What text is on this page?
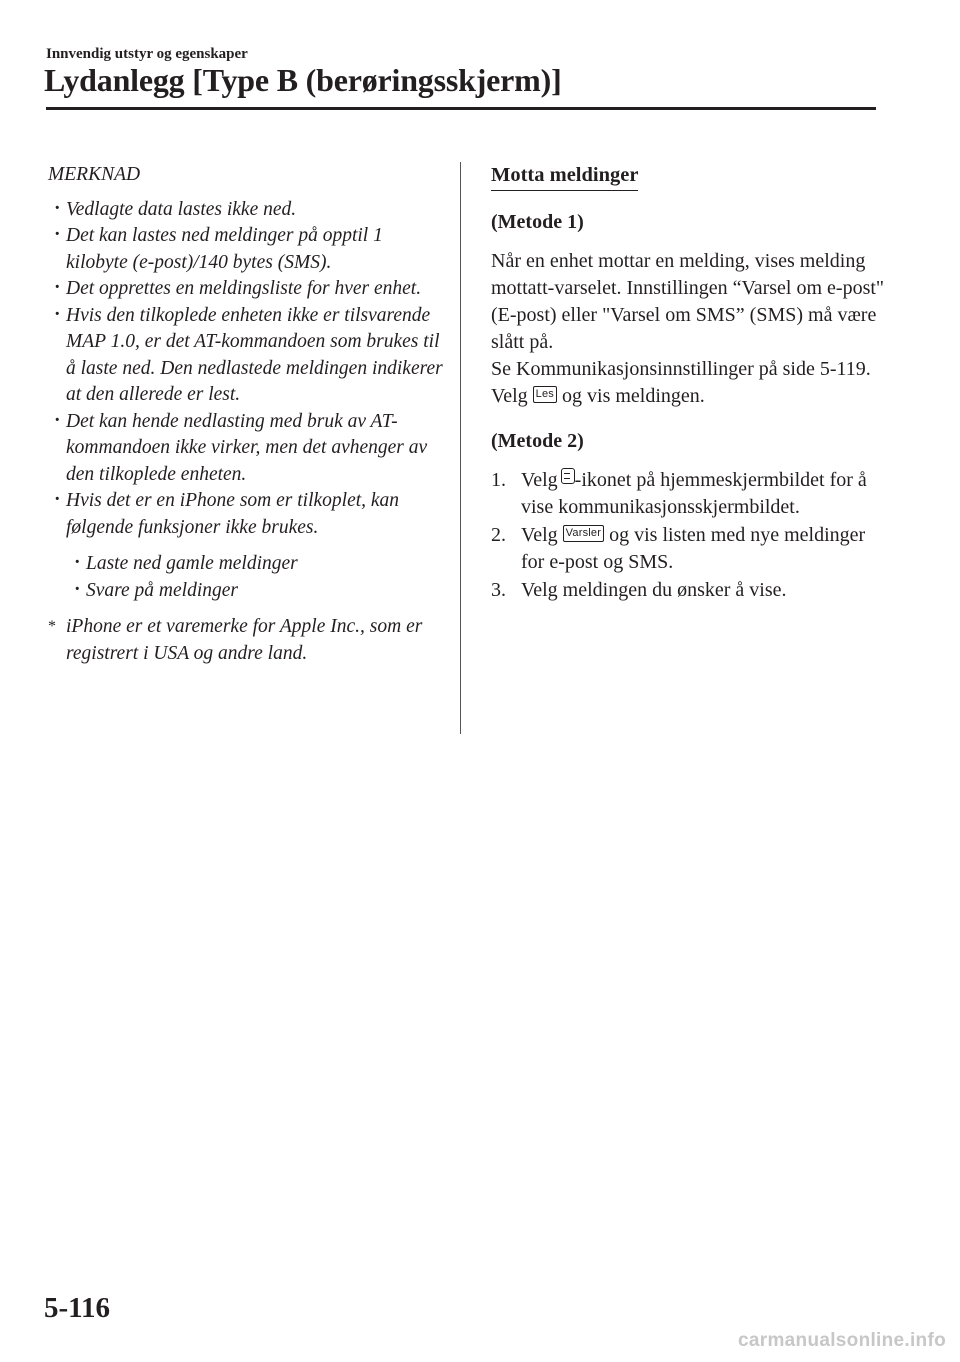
Innvendig utstyr og egenskaper
Lydanlegg [Type B (berøringsskjerm)]

MERKNAD

· Vedlagte data lastes ikke ned.

· Det kan lastes ned meldinger på opptil 1 kilobyte (e-post)/140 bytes (SMS).

· Det opprettes en meldingsliste for hver enhet.

· Hvis den tilkoplede enheten ikke er tilsvarende MAP 1.0, er det AT-kommandoen som brukes til å laste ned. Den nedlastede meldingen indikerer at den allerede er lest.

· Det kan hende nedlasting med bruk av AT-kommandoen ikke virker, men det avhenger av den tilkoplede enheten.

· Hvis det er en iPhone som er tilkoplet, kan følgende funksjoner ikke brukes.

· Laste ned gamle meldinger

· Svare på meldinger

* iPhone er et varemerke for Apple Inc., som er registrert i USA og andre land.

Motta meldinger

(Metode 1)

Når en enhet mottar en melding, vises melding mottatt-varselet. Innstillingen “Varsel om e-post" (E-post) eller "Varsel om SMS” (SMS) må være slått på.

Se Kommunikasjonsinnstillinger på side 5-119.

Velg Les og vis meldingen.

(Metode 2)

1. Velg -ikonet på hjemmeskjermbildet for å vise kommunikasjonsskjermbildet.
2. Velg Varsler og vis listen med nye meldinger for e-post og SMS.
3. Velg meldingen du ønsker å vise.
5-116
carmanualsonline.info
